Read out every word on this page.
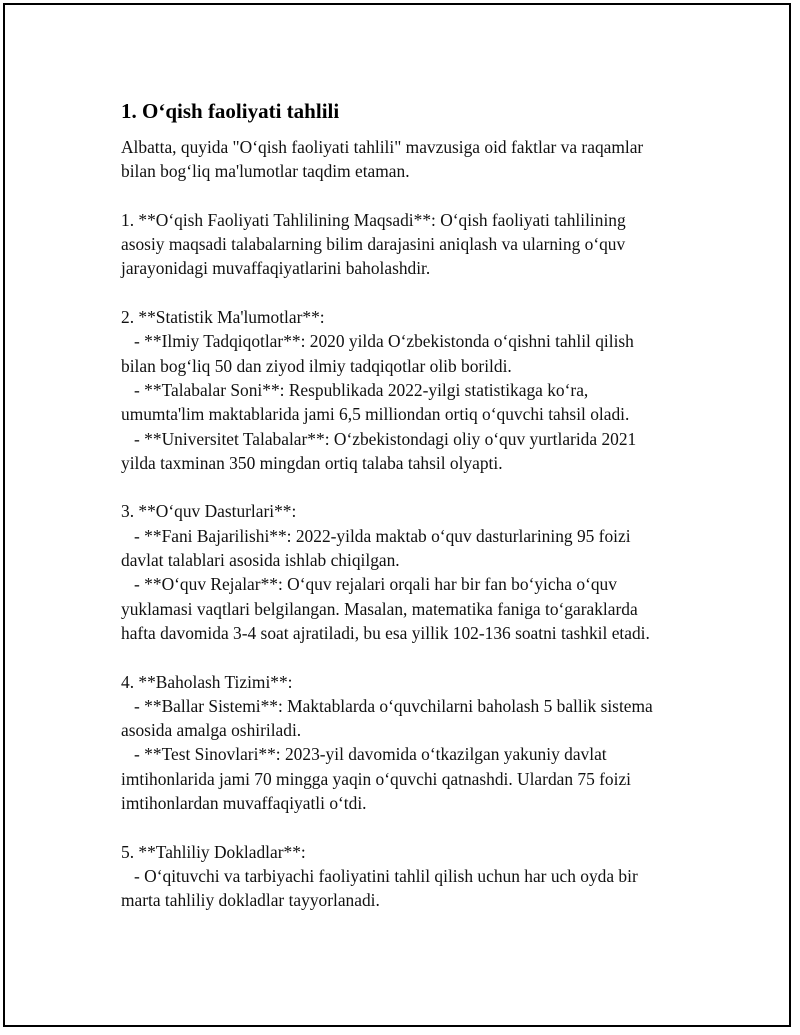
1. O‘qish faoliyati tahlili
Albatta, quyida "O‘qish faoliyati tahlili" mavzusiga oid faktlar va raqamlar
bilan bog‘liq ma'lumotlar taqdim etaman.
1. **O‘qish Faoliyati Tahlilining Maqsadi**: O‘qish faoliyati tahlilining
asosiy maqsadi talabalarning bilim darajasini aniqlash va ularning o‘quv
jarayonidagi muvaffaqiyatlarini baholashdir.
2. **Statistik Ma'lumotlar**:
- **Ilmiy Tadqiqotlar**: 2020 yilda O‘zbekistonda o‘qishni tahlil qilish
bilan bog‘liq 50 dan ziyod ilmiy tadqiqotlar olib borildi.
- **Talabalar Soni**: Respublikada 2022-yilgi statistikaga ko‘ra,
umumta'lim maktablarida jami 6,5 milliondan ortiq o‘quvchi tahsil oladi.
- **Universitet Talabalar**: O‘zbekistondagi oliy o‘quv yurtlarida 2021
yilda taxminan 350 mingdan ortiq talaba tahsil olyapti.
3. **O‘quv Dasturlari**:
- **Fani Bajarilishi**: 2022-yilda maktab o‘quv dasturlarining 95 foizi
davlat talablari asosida ishlab chiqilgan.
- **O‘quv Rejalar**: O‘quv rejalari orqali har bir fan bo‘yicha o‘quv
yuklamasi vaqtlari belgilangan. Masalan, matematika faniga to‘garaklarda
hafta davomida 3-4 soat ajratiladi, bu esa yillik 102-136 soatni tashkil etadi.
4. **Baholash Tizimi**:
- **Ballar Sistemi**: Maktablarda o‘quvchilarni baholash 5 ballik sistema
asosida amalga oshiriladi.
- **Test Sinovlari**: 2023-yil davomida o‘tkazilgan yakuniy davlat
imtihonlarida jami 70 mingga yaqin o‘quvchi qatnashdi. Ulardan 75 foizi
imtihonlardan muvaffaqiyatli o‘tdi.
5. **Tahliliy Dokladlar**:
- O‘qituvchi va tarbiyachi faoliyatini tahlil qilish uchun har uch oyda bir
marta tahliliy dokladlar tayyorlanadi.
